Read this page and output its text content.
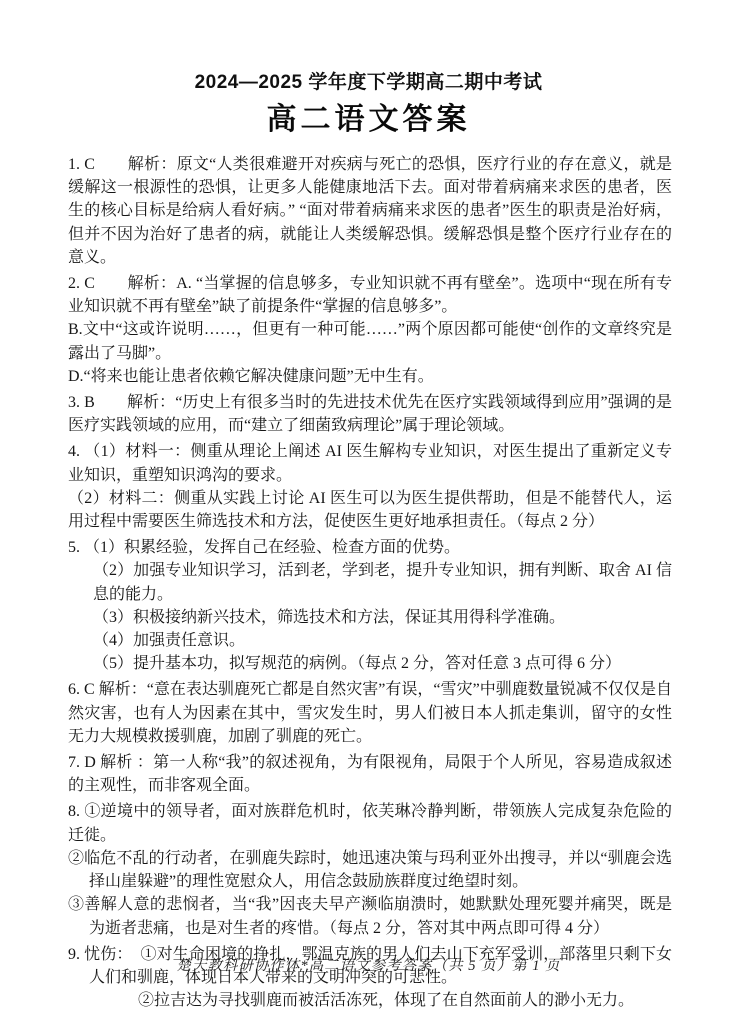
2024—2025 学年度下学期高二期中考试
高二语文答案

1. C　　解析：原文“人类很难避开对疾病与死亡的恐惧，医疗行业的存在意义，就是缓解这一根源性的恐惧，让更多人能健康地活下去。面对带着病痛来求医的患者，医生的核心目标是给病人看好病。” “面对带着病痛来求医的患者”医生的职责是治好病，但并不因为治好了患者的病，就能让人类缓解恐惧。缓解恐惧是整个医疗行业存在的意义。

2. C　　解析：A. “当掌握的信息够多，专业知识就不再有壁垒”。选项中“现在所有专业知识就不再有壁垒”缺了前提条件“掌握的信息够多”。

B.文中“这或许说明……，但更有一种可能……”两个原因都可能使“创作的文章终究是露出了马脚”。

D.“将来也能让患者依赖它解决健康问题”无中生有。

3. B　　解析：“历史上有很多当时的先进技术优先在医疗实践领域得到应用”强调的是医疗实践领域的应用，而“建立了细菌致病理论”属于理论领域。

4. （1）材料一：侧重从理论上阐述 AI 医生解构专业知识，对医生提出了重新定义专业知识，重塑知识鸿沟的要求。

（2）材料二：侧重从实践上讨论 AI 医生可以为医生提供帮助，但是不能替代人，运用过程中需要医生筛选技术和方法，促使医生更好地承担责任。（每点 2 分）

5. （1）积累经验，发挥自己在经验、检查方面的优势。

（2）加强专业知识学习，活到老，学到老，提升专业知识，拥有判断、取舍 AI 信息的能力。

（3）积极接纳新兴技术，筛选技术和方法，保证其用得科学准确。

（4）加强责任意识。

（5）提升基本功，拟写规范的病例。（每点 2 分，答对任意 3 点可得 6 分）

6. C 解析：“意在表达驯鹿死亡都是自然灾害”有误，“雪灾”中驯鹿数量锐减不仅仅是自然灾害，也有人为因素在其中，雪灾发生时，男人们被日本人抓走集训，留守的女性无力大规模救援驯鹿，加剧了驯鹿的死亡。

7. D 解析 ：第一人称“我”的叙述视角，为有限视角，局限于个人所见，容易造成叙述的主观性，而非客观全面。

8. ①逆境中的领导者，面对族群危机时，依芙琳冷静判断，带领族人完成复杂危险的迁徙。

②临危不乱的行动者，在驯鹿失踪时，她迅速决策与玛利亚外出搜寻，并以“驯鹿会选择山崖躲避”的理性宽慰众人，用信念鼓励族群度过绝望时刻。

③善解人意的悲悯者，当“我”因丧夫早产濒临崩溃时，她默默处理死婴并痛哭，既是为逝者悲痛，也是对生者的疼惜。（每点 2 分，答对其中两点即可得 4 分）

9. 忧伤：　①对生命困境的挣扎，鄂温克族的男人们去山下充军受训，部落里只剩下女人们和驯鹿，体现日本人带来的文明冲突的可悲性。

②拉吉达为寻找驯鹿而被活活冻死，体现了在自然面前人的渺小无力。

楚天教科研协作体*高二语文参考答案（共 5 页）第 1 页
